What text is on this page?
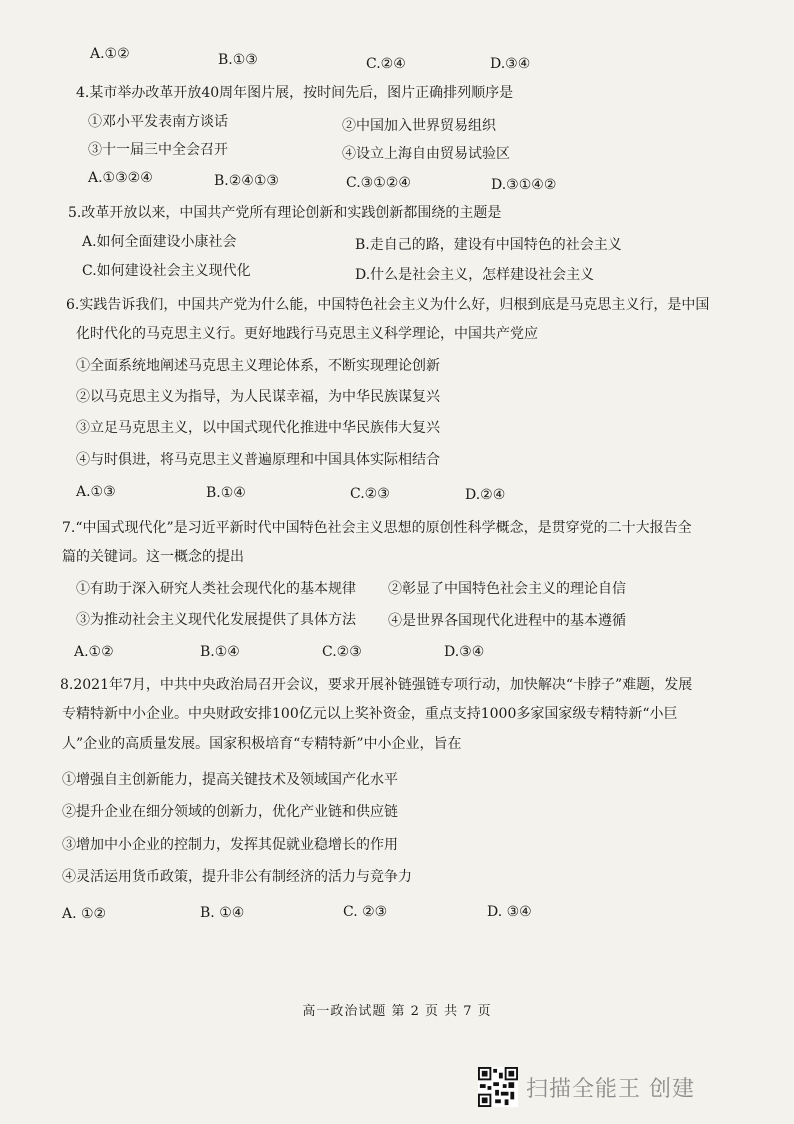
A.①②	B.①③	C.②④	D.③④
4.某市举办改革开放40周年图片展，按时间先后，图片正确排列顺序是
①邓小平发表南方谈话	②中国加入世界贸易组织
③十一届三中全会召开	④设立上海自由贸易试验区
A.①③②④	B.②④①③	C.③①②④	D.③①④②
5.改革开放以来，中国共产党所有理论创新和实践创新都围绕的主题是
A.如何全面建设小康社会	B.走自己的路，建设有中国特色的社会主义
C.如何建设社会主义现代化	D.什么是社会主义，怎样建设社会主义
6.实践告诉我们，中国共产党为什么能，中国特色社会主义为什么好，归根到底是马克思主义行，是中国
化时代化的马克思主义行。更好地践行马克思主义科学理论，中国共产党应
①全面系统地阐述马克思主义理论体系，不断实现理论创新
②以马克思主义为指导，为人民谋幸福，为中华民族谋复兴
③立足马克思主义，以中国式现代化推进中华民族伟大复兴
④与时俱进，将马克思主义普遍原理和中国具体实际相结合
A.①③	B.①④	C.②③	D.②④
7.“中国式现代化”是习近平新时代中国特色社会主义思想的原创性科学概念，是贯穿党的二十大报告全
篇的关键词。这一概念的提出
①有助于深入研究人类社会现代化的基本规律 ②彰显了中国特色社会主义的理论自信
③为推动社会主义现代化发展提供了具体方法 ④是世界各国现代化进程中的基本遵循
A.①②	B.①④	C.②③	D.③④
8.2021年7月，中共中央政治局召开会议，要求开展补链强链专项行动，加快解决“卡脖子”难题，发展
专精特新中小企业。中央财政安排100亿元以上奖补资金，重点支持1000多家国家级专精特新“小巨
人”企业的高质量发展。国家积极培育“专精特新”中小企业，旨在
①增强自主创新能力，提高关键技术及领域国产化水平
②提升企业在细分领域的创新力，优化产业链和供应链
③增加中小企业的控制力，发挥其促就业稳增长的作用
④灵活运用货币政策，提升非公有制经济的活力与竞争力
A. ①②	B. ①④	C. ②③	D. ③④
高一政治试题 第 2 页 共 7 页
扫描全能王 创建
